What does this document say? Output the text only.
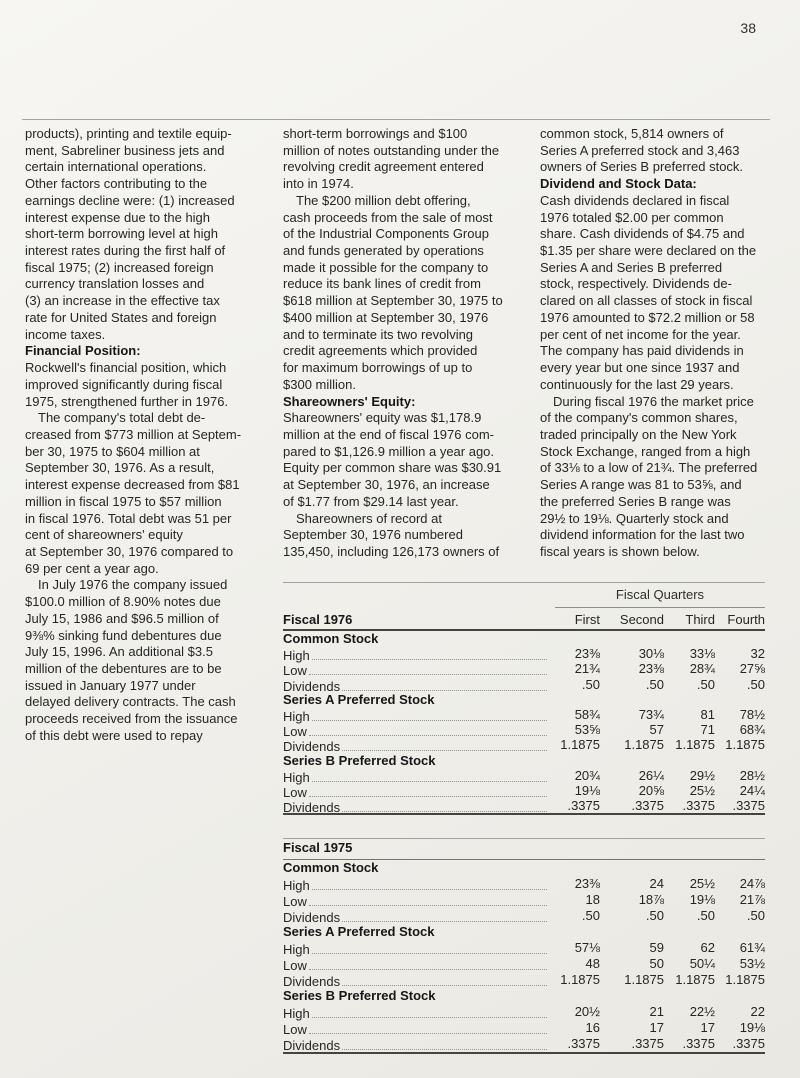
38
products), printing and textile equip-
ment, Sabreliner business jets and
certain international operations.
Other factors contributing to the
earnings decline were: (1) increased
interest expense due to the high
short-term borrowing level at high
interest rates during the first half of
fiscal 1975; (2) increased foreign
currency translation losses and
(3) an increase in the effective tax
rate for United States and foreign
income taxes.
Financial Position:
Rockwell's financial position, which
improved significantly during fiscal
1975, strengthened further in 1976.
The company's total debt de-
creased from $773 million at Septem-
ber 30, 1975 to $604 million at
September 30, 1976. As a result,
interest expense decreased from $81
million in fiscal 1975 to $57 million
in fiscal 1976. Total debt was 51 per
cent of shareowners' equity
at September 30, 1976 compared to
69 per cent a year ago.
In July 1976 the company issued
$100.0 million of 8.90% notes due
July 15, 1986 and $96.5 million of
9⅜% sinking fund debentures due
July 15, 1996. An additional $3.5
million of the debentures are to be
issued in January 1977 under
delayed delivery contracts. The cash
proceeds received from the issuance
of this debt were used to repay
short-term borrowings and $100
million of notes outstanding under the
revolving credit agreement entered
into in 1974.
The $200 million debt offering,
cash proceeds from the sale of most
of the Industrial Components Group
and funds generated by operations
made it possible for the company to
reduce its bank lines of credit from
$618 million at September 30, 1975 to
$400 million at September 30, 1976
and to terminate its two revolving
credit agreements which provided
for maximum borrowings of up to
$300 million.
Shareowners' Equity:
Shareowners' equity was $1,178.9
million at the end of fiscal 1976 com-
pared to $1,126.9 million a year ago.
Equity per common share was $30.91
at September 30, 1976, an increase
of $1.77 from $29.14 last year.
Shareowners of record at
September 30, 1976 numbered
135,450, including 126,173 owners of
common stock, 5,814 owners of
Series A preferred stock and 3,463
owners of Series B preferred stock.
Dividend and Stock Data:
Cash dividends declared in fiscal
1976 totaled $2.00 per common
share. Cash dividends of $4.75 and
$1.35 per share were declared on the
Series A and Series B preferred
stock, respectively. Dividends de-
clared on all classes of stock in fiscal
1976 amounted to $72.2 million or 58
per cent of net income for the year.
The company has paid dividends in
every year but one since 1937 and
continuously for the last 29 years.
During fiscal 1976 the market price
of the company's common shares,
traded principally on the New York
Stock Exchange, ranged from a high
of 33⅛ to a low of 21¾. The preferred
Series A range was 81 to 53⅝, and
the preferred Series B range was
29½ to 19⅛. Quarterly stock and
dividend information for the last two
fiscal years is shown below.
Fiscal Quarters
Fiscal 1976	First	Second	Third Fourth
Common Stock
High	23⅜	30⅛	33⅛	32
Low	21¾	23⅜	28¾	27⅝
Dividends	.50	.50	.50	.50
Series A Preferred Stock
High	58¾	73¾	81	78½
Low	53⅝	57	71	68¾
Dividends	1.1875	1.1875 1.1875 1.1875
Series B Preferred Stock
High	20¾	26¼	29½	28½
Low	19⅛	20⅝	25½	24¼
Dividends	.3375	.3375	.3375	.3375
Fiscal 1975
Common Stock
High	23⅜	24	25½	24⅞
Low	18	18⅞	19⅛	21⅞
Dividends	.50	.50	.50	.50
Series A Preferred Stock
High	57⅛	59	62	61¾
Low	48	50	50¼	53½
Dividends	1.1875	1.1875 1.1875 1.1875
Series B Preferred Stock
High	20½	21	22½	22
Low	16	17	17	19⅛
Dividends	.3375	.3375	.3375	.3375
